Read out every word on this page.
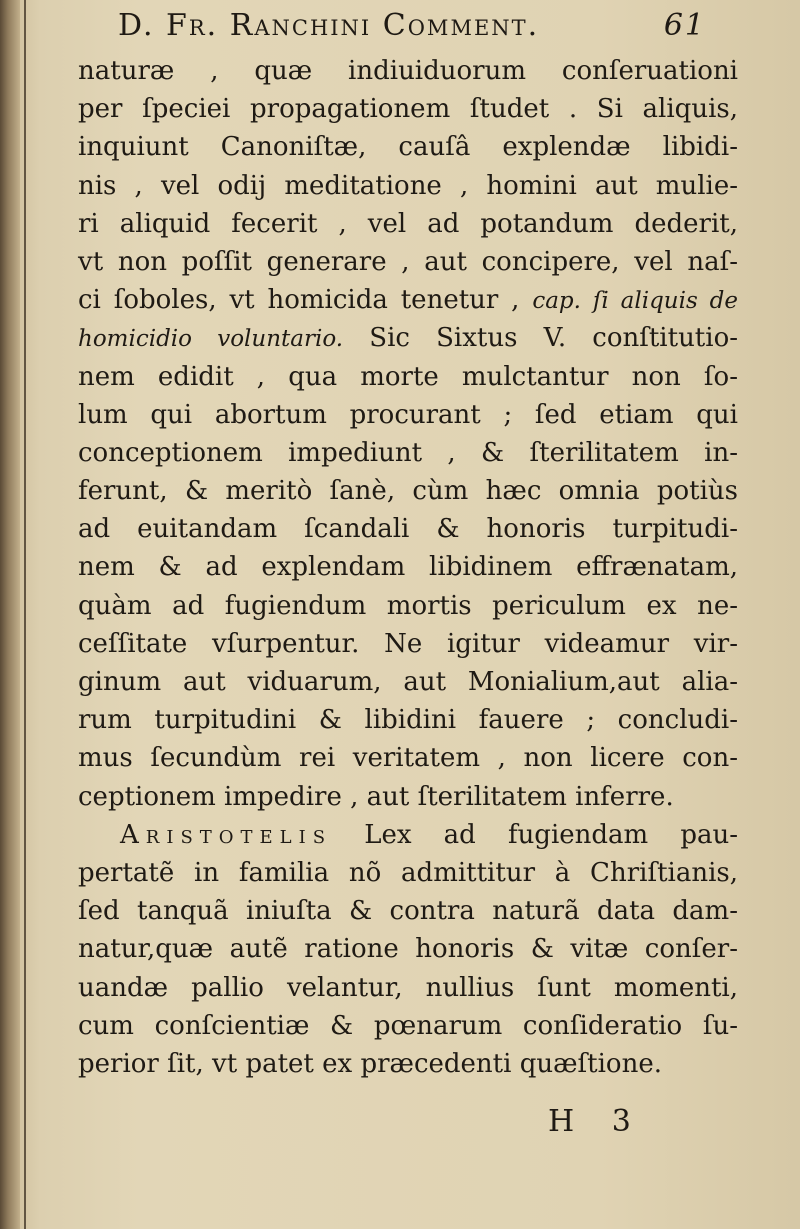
D. Fr. Ranchini Comment.	61
naturæ , quæ indiuiduorum conſeruationi
per ſpeciei propagationem ſtudet . Si aliquis,
inquiunt Canoniſtæ, cauſâ explendæ libidi-
nis , vel odij meditatione , homini aut mulie-
ri aliquid fecerit , vel ad potandum dederit,
vt non poſſit generare , aut concipere, vel naſ-
ci ſoboles, vt homicida tenetur , cap. ſi aliquis de
homicidio voluntario. Sic Sixtus V. conſtitutio-
nem edidit , qua morte mulctantur non ſo-
lum qui abortum procurant ; ſed etiam qui
conceptionem impediunt , & ſterilitatem in-
ferunt, & meritò ſanè, cùm hæc omnia potiùs
ad euitandam ſcandali & honoris turpitudi-
nem & ad explendam libidinem effrænatam,
quàm ad fugiendum mortis periculum ex ne-
ceſſitate vſurpentur. Ne igitur videamur vir-
ginum aut viduarum, aut Monialium,aut alia-
rum turpitudini & libidini fauere ; concludi-
mus ſecundùm rei veritatem , non licere con-
ceptionem impedire , aut ſterilitatem inferre.
Aristotelis Lex ad fugiendam pau-
pertatẽ in familia nõ admittitur à Chriſtianis,
ſed tanquã iniuſta & contra naturã data dam-
natur,quæ autẽ ratione honoris & vitæ conſer-
uandæ pallio velantur, nullius ſunt momenti,
cum conſcientiæ & pœnarum conſideratio ſu-
perior ſit, vt patet ex præcedenti quæſtione.
H 3
